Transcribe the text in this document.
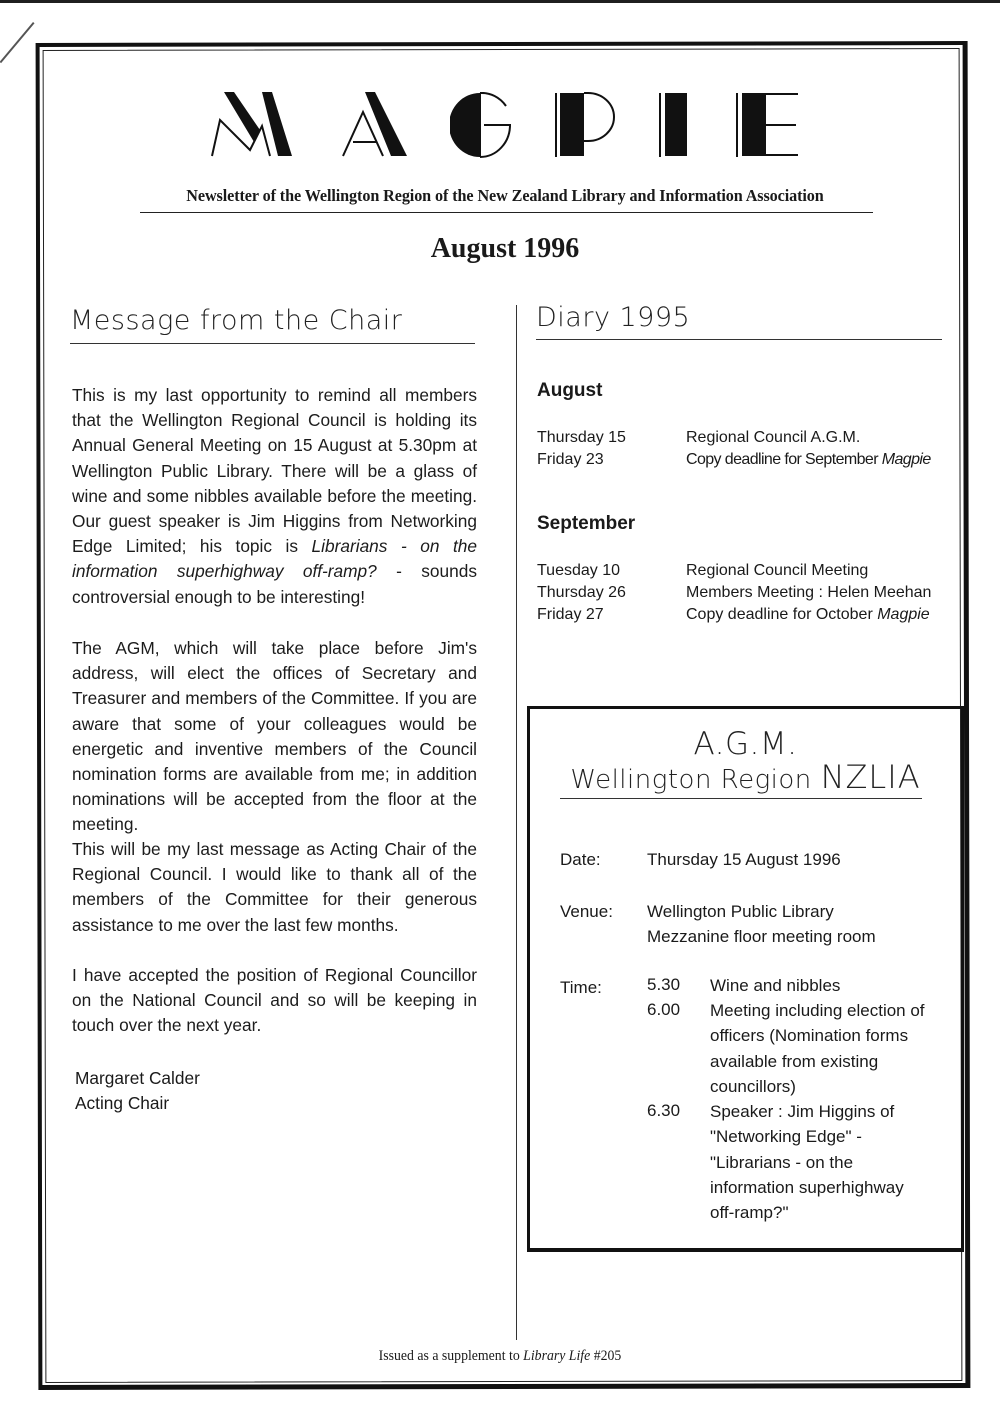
Newsletter of the Wellington Region of the New Zealand Library and Information Association
August 1996
Message from the Chair

This is my last opportunity to remind all members that the Wellington Regional Council is holding its Annual General Meeting on 15 August at 5.30pm at Wellington Public Library. There will be a glass of wine and some nibbles available before the meeting. Our guest speaker is Jim Higgins from Networking Edge Limited; his topic is Librarians - on the information superhighway off-ramp? - sounds controversial enough to be interesting!

The AGM, which will take place before Jim's address, will elect the offices of Secretary and Treasurer and members of the Committee. If you are aware that some of your colleagues would be energetic and inventive members of the Council nomination forms are available from me; in addition nominations will be accepted from the floor at the meeting.

This will be my last message as Acting Chair of the Regional Council. I would like to thank all of the members of the Committee for their generous assistance to me over the last few months.

I have accepted the position of Regional Councillor on the National Council and so will be keeping in touch over the next year.

Margaret Calder
Acting Chair
Diary 1995
August
Thursday 15	Regional Council A.G.M.
Friday 23	Copy deadline for September Magpie
September
Tuesday 10	Regional Council Meeting
Thursday 26	Members Meeting : Helen Meehan
Friday 27	Copy deadline for October Magpie
A.G.M.
Wellington Region NZLIA
Date:	Thursday 15 August 1996
Venue: Wellington Public Library
Mezzanine floor meeting room
Time:	5.30 Wine and nibbles
6.00 Meeting including election of officers (Nomination forms available from existing councillors)
6.30 Speaker : Jim Higgins of "Networking Edge" - "Librarians - on the information superhighway off-ramp?"
Issued as a supplement to Library Life #205
